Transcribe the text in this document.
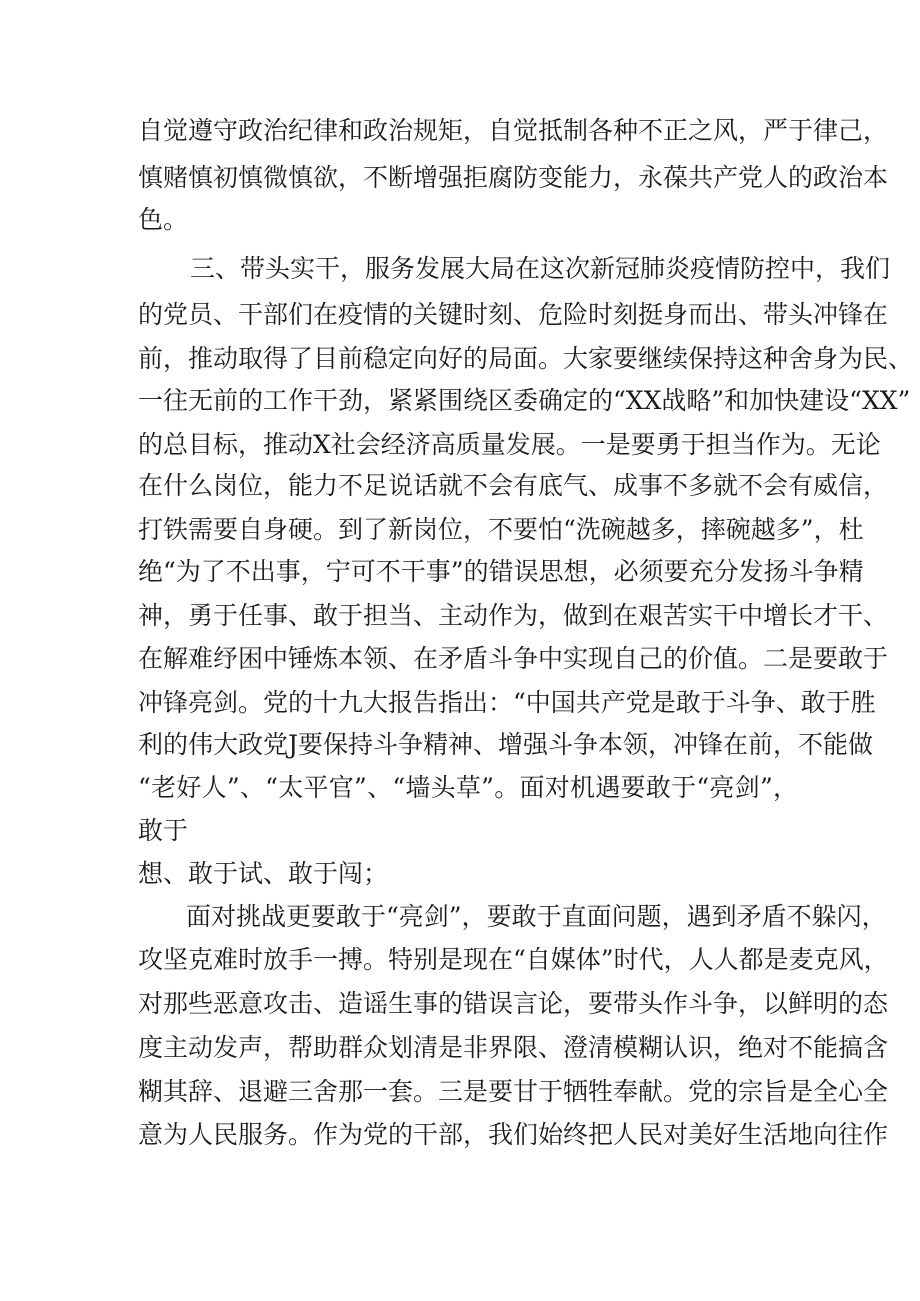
自觉遵守政治纪律和政治规矩，自觉抵制各种不正之风，严于律己，
慎赌慎初慎微慎欲，不断增强拒腐防变能力，永葆共产党人的政治本
色。
三、带头实干，服务发展大局在这次新冠肺炎疫情防控中，我们
的党员、干部们在疫情的关键时刻、危险时刻挺身而出、带头冲锋在
前，推动取得了目前稳定向好的局面。大家要继续保持这种舍身为民、
一往无前的工作干劲，紧紧围绕区委确定的“XX战略”和加快建设“XX”
的总目标，推动X社会经济高质量发展。一是要勇于担当作为。无论
在什么岗位，能力不足说话就不会有底气、成事不多就不会有威信，
打铁需要自身硬。到了新岗位，不要怕“洗碗越多，摔碗越多”，杜
绝“为了不出事，宁可不干事”的错误思想，必须要充分发扬斗争精
神，勇于任事、敢于担当、主动作为，做到在艰苦实干中增长才干、
在解难纾困中锤炼本领、在矛盾斗争中实现自己的价值。二是要敢于
冲锋亮剑。党的十九大报告指出：“中国共产党是敢于斗争、敢于胜
利的伟大政党J要保持斗争精神、增强斗争本领，冲锋在前，不能做
“老好人”、“太平官”、“墙头草”。面对机遇要敢于“亮剑”，
敢于
想、敢于试、敢于闯；
面对挑战更要敢于“亮剑”，要敢于直面问题，遇到矛盾不躲闪，
攻坚克难时放手一搏。特别是现在“自媒体”时代，人人都是麦克风，
对那些恶意攻击、造谣生事的错误言论，要带头作斗争，以鲜明的态
度主动发声，帮助群众划清是非界限、澄清模糊认识，绝对不能搞含
糊其辞、退避三舍那一套。三是要甘于牺牲奉献。党的宗旨是全心全
意为人民服务。作为党的干部，我们始终把人民对美好生活地向往作
